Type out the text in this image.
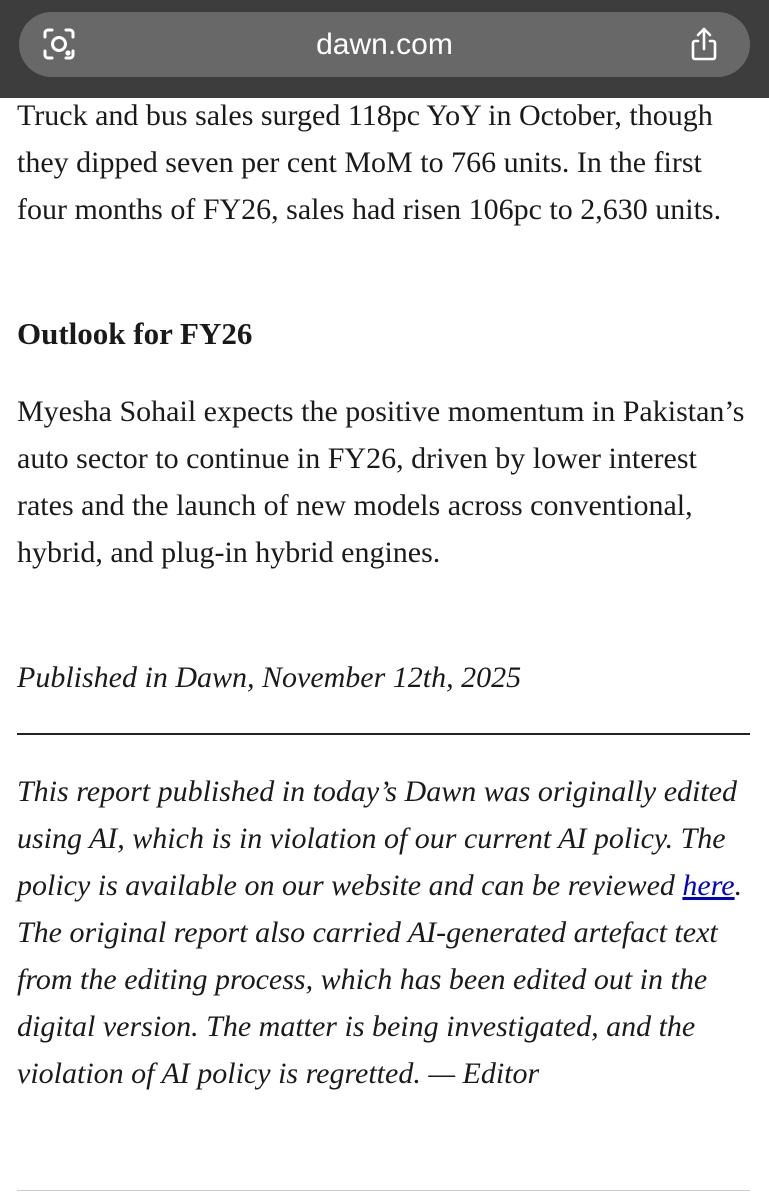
dawn.com

Truck and bus sales surged 118pc YoY in October, though they dipped seven per cent MoM to 766 units. In the first four months of FY26, sales had risen 106pc to 2,630 units.

Outlook for FY26

Myesha Sohail expects the positive momentum in Pakistan’s auto sector to continue in FY26, driven by lower interest rates and the launch of new models across conventional, hybrid, and plug-in hybrid engines.

Published in Dawn, November 12th, 2025

This report published in today’s Dawn was originally edited using AI, which is in violation of our current AI policy. The policy is available on our website and can be reviewed here. The original report also carried AI-generated artefact text from the editing process, which has been edited out in the digital version. The matter is being investigated, and the violation of AI policy is regretted. — Editor
